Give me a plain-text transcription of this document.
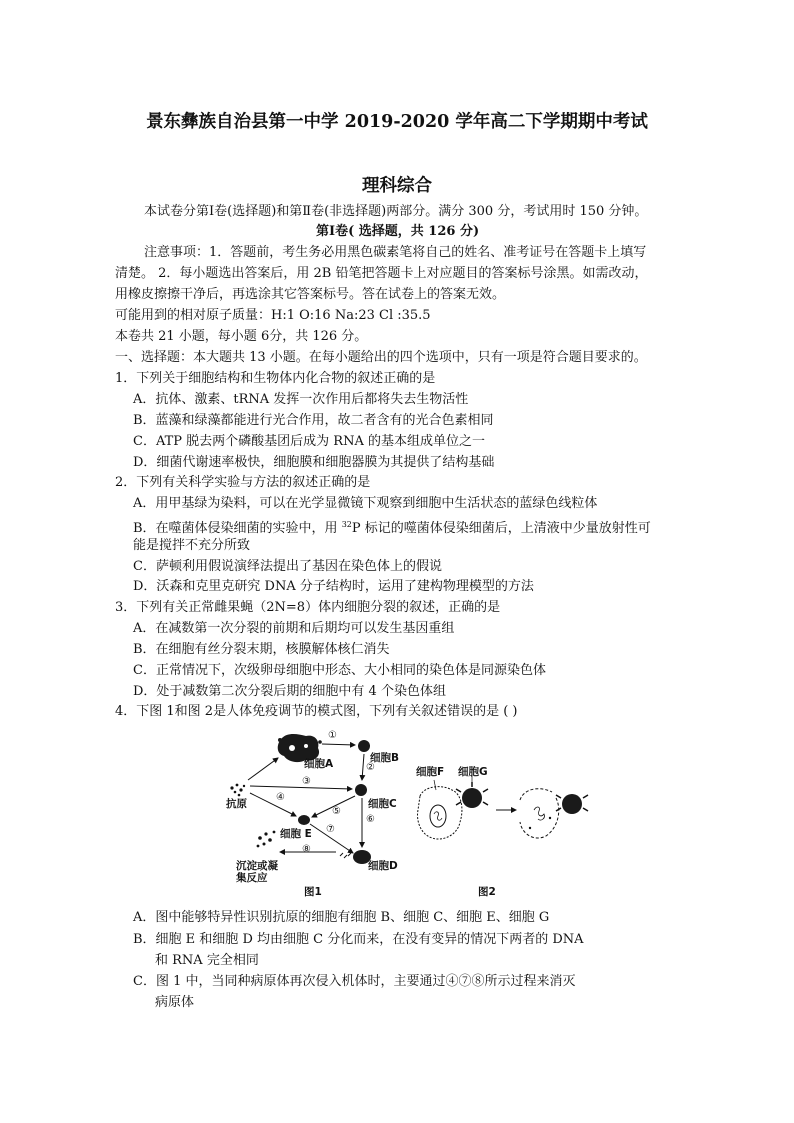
景东彝族自治县第一中学 2019-2020 学年高二下学期期中考试
理科综合
本试卷分第Ⅰ卷(选择题)和第Ⅱ卷(非选择题)两部分。满分 300 分，考试用时 150 分钟。
第Ⅰ卷( 选择题，共 126 分)
注意事项：1．答题前，考生务必用黑色碳素笔将自己的姓名、准考证号在答题卡上填写
清楚。 2．每小题选出答案后，用 2B 铅笔把答题卡上对应题目的答案标号涂黑。如需改动，
用橡皮擦擦干净后，再选涂其它答案标号。答在试卷上的答案无效。
可能用到的相对原子质量：H:1 O:16 Na:23 Cl :35.5
本卷共 21 小题，每小题 6分，共 126 分。
一、选择题：本大题共 13 小题。在每小题给出的四个选项中，只有一项是符合题目要求的。
1．下列关于细胞结构和生物体内化合物的叙述正确的是
A．抗体、激素、tRNA 发挥一次作用后都将失去生物活性
B．蓝藻和绿藻都能进行光合作用，故二者含有的光合色素相同
C．ATP 脱去两个磷酸基团后成为 RNA 的基本组成单位之一
D．细菌代谢速率极快，细胞膜和细胞器膜为其提供了结构基础
2．下列有关科学实验与方法的叙述正确的是
A．用甲基绿为染料，可以在光学显微镜下观察到细胞中生活状态的蓝绿色线粒体
B．在噬菌体侵染细菌的实验中，用 $^{32}$P 标记的噬菌体侵染细菌后，上清液中少量放射性可
能是搅拌不充分所致
C．萨顿利用假说演绎法提出了基因在染色体上的假说
D．沃森和克里克研究 DNA 分子结构时，运用了建构物理模型的方法
3．下列有关正常雌果蝇（2N=8）体内细胞分裂的叙述，正确的是
A．在减数第一次分裂的前期和后期均可以发生基因重组
B．在细胞有丝分裂末期，核膜解体核仁消失
C．正常情况下，次级卵母细胞中形态、大小相同的染色体是同源染色体
D．处于减数第二次分裂后期的细胞中有 4 个染色体组
4．下图 1和图 2是人体免疫调节的模式图，下列有关叙述错误的是 ( )
细胞A	细胞B
细胞C
细胞D
细胞 E
抗原
沉淀或凝
集反应
①
②
③
④
⑤
⑥
⑦
⑧
图1
细胞F 细胞G
图2
A．图中能够特异性识别抗原的细胞有细胞 B、细胞 C、细胞 E、细胞 G
B．细胞 E 和细胞 D 均由细胞 C 分化而来，在没有变异的情况下两者的 DNA
和 RNA 完全相同
C．图 1 中，当同种病原体再次侵入机体时，主要通过④⑦⑧所示过程来消灭
病原体
